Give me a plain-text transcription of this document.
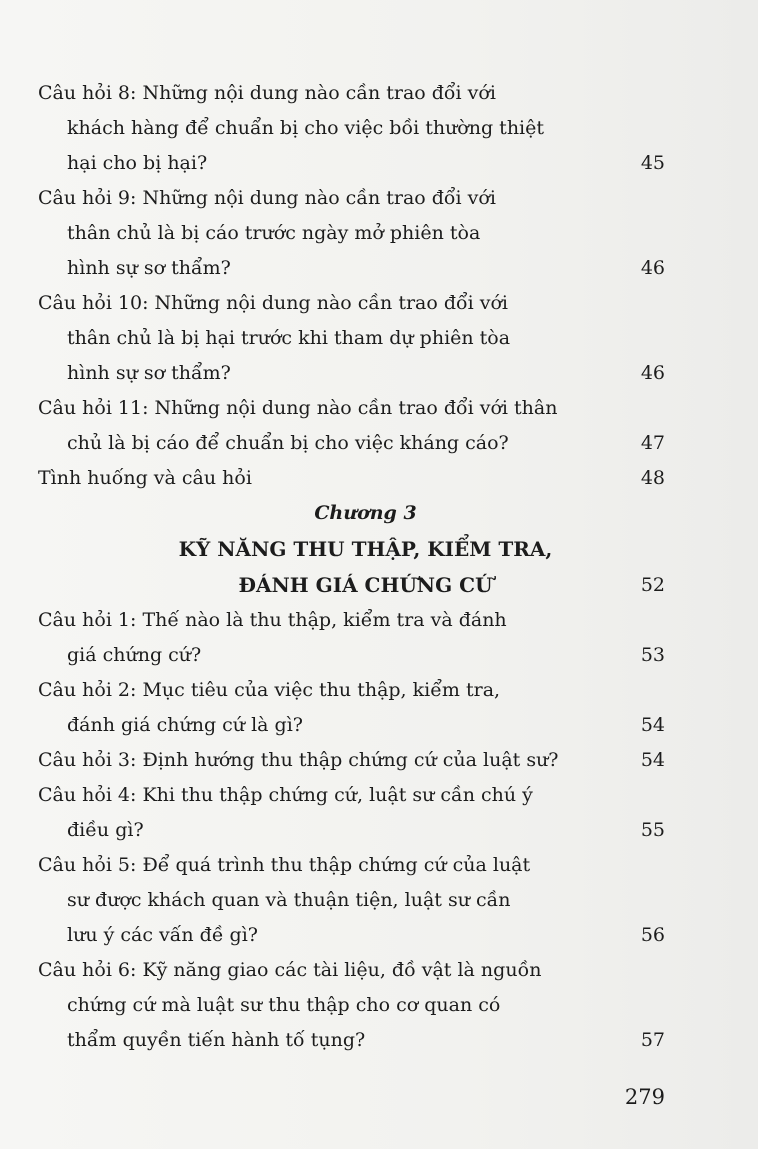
Câu hỏi 8: Những nội dung nào cần trao đổi với
khách hàng để chuẩn bị cho việc bồi thường thiệt
hại cho bị hại?	45
Câu hỏi 9: Những nội dung nào cần trao đổi với
thân chủ là bị cáo trước ngày mở phiên tòa
hình sự sơ thẩm?	46
Câu hỏi 10: Những nội dung nào cần trao đổi với
thân chủ là bị hại trước khi tham dự phiên tòa
hình sự sơ thẩm?	46
Câu hỏi 11: Những nội dung nào cần trao đổi với thân
chủ là bị cáo để chuẩn bị cho việc kháng cáo?	47
Tình huống và câu hỏi	48

Chương 3

KỸ NĂNG THU THẬP, KIỂM TRA,
ĐÁNH GIÁ CHỨNG CỨ	52
Câu hỏi 1: Thế nào là thu thập, kiểm tra và đánh
giá chứng cứ?	53
Câu hỏi 2: Mục tiêu của việc thu thập, kiểm tra,
đánh giá chứng cứ là gì?	54
Câu hỏi 3: Định hướng thu thập chứng cứ của luật sư?	54
Câu hỏi 4: Khi thu thập chứng cứ, luật sư cần chú ý
điều gì?	55
Câu hỏi 5: Để quá trình thu thập chứng cứ của luật
sư được khách quan và thuận tiện, luật sư cần
lưu ý các vấn đề gì?	56
Câu hỏi 6: Kỹ năng giao các tài liệu, đồ vật là nguồn
chứng cứ mà luật sư thu thập cho cơ quan có
thẩm quyền tiến hành tố tụng?	57
279
